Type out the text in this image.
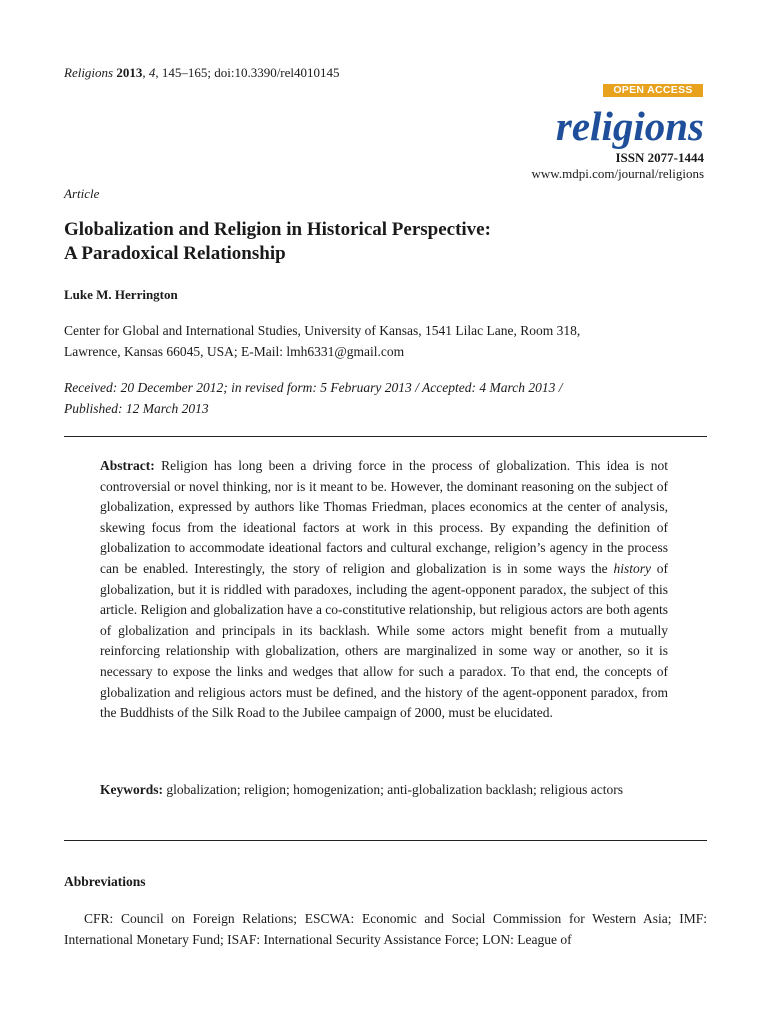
Religions 2013, 4, 145–165; doi:10.3390/rel4010145
OPEN ACCESS
religions
ISSN 2077-1444
www.mdpi.com/journal/religions
Article
Globalization and Religion in Historical Perspective:
A Paradoxical Relationship
Luke M. Herrington
Center for Global and International Studies, University of Kansas, 1541 Lilac Lane, Room 318,
Lawrence, Kansas 66045, USA; E-Mail: lmh6331@gmail.com
Received: 20 December 2012; in revised form: 5 February 2013 / Accepted: 4 March 2013 /
Published: 12 March 2013
Abstract: Religion has long been a driving force in the process of globalization. This idea is not controversial or novel thinking, nor is it meant to be. However, the dominant reasoning on the subject of globalization, expressed by authors like Thomas Friedman, places economics at the center of analysis, skewing focus from the ideational factors at work in this process. By expanding the definition of globalization to accommodate ideational factors and cultural exchange, religion’s agency in the process can be enabled. Interestingly, the story of religion and globalization is in some ways the history of globalization, but it is riddled with paradoxes, including the agent-opponent paradox, the subject of this article. Religion and globalization have a co-constitutive relationship, but religious actors are both agents of globalization and principals in its backlash. While some actors might benefit from a mutually reinforcing relationship with globalization, others are marginalized in some way or another, so it is necessary to expose the links and wedges that allow for such a paradox. To that end, the concepts of globalization and religious actors must be defined, and the history of the agent-opponent paradox, from the Buddhists of the Silk Road to the Jubilee campaign of 2000, must be elucidated.
Keywords: globalization; religion; homogenization; anti-globalization backlash; religious actors
Abbreviations
CFR: Council on Foreign Relations; ESCWA: Economic and Social Commission for Western Asia; IMF: International Monetary Fund; ISAF: International Security Assistance Force; LON: League of
